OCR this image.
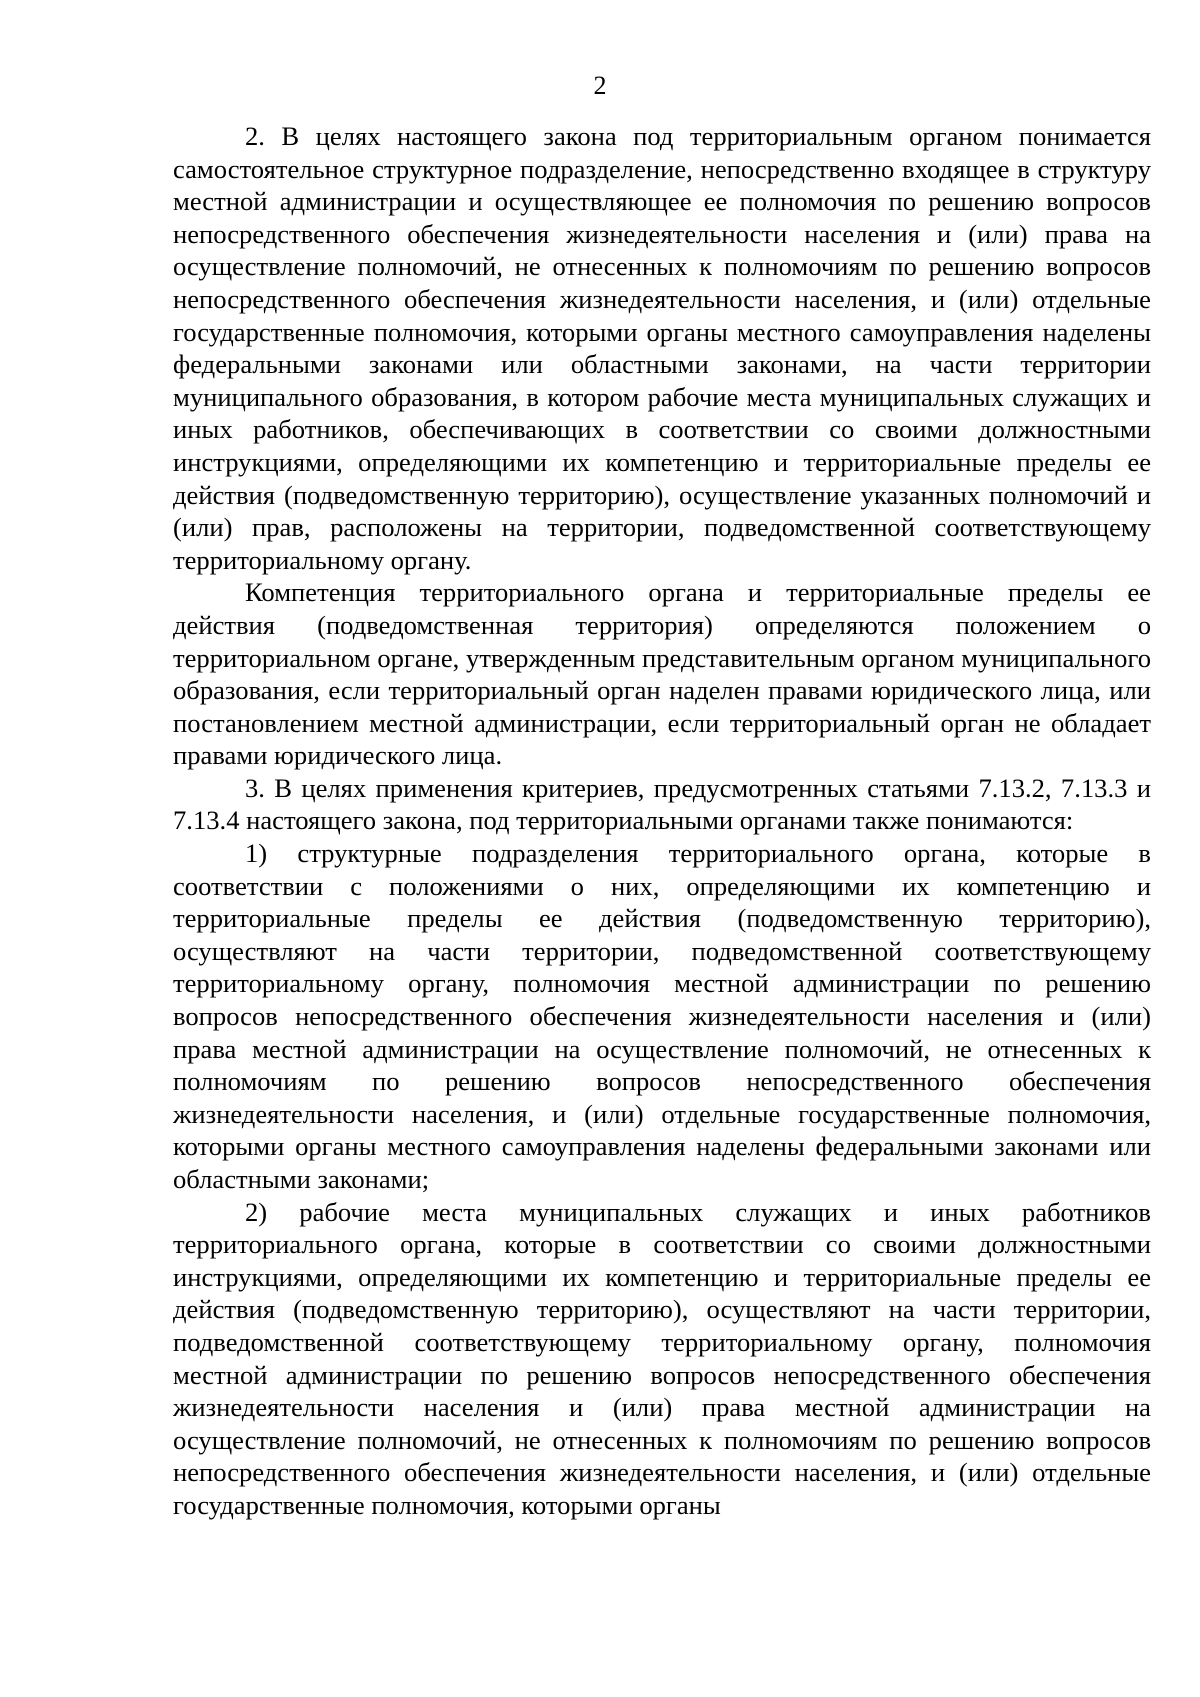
2

2. В целях настоящего закона под территориальным органом понимается самостоятельное структурное подразделение, непосредственно входящее в структуру местной администрации и осуществляющее ее полномочия по решению вопросов непосредственного обеспечения жизнедеятельности населения и (или) права на осуществление полномочий, не отнесенных к полномочиям по решению вопросов непосредственного обеспечения жизнедеятельности населения, и (или) отдельные государственные полномочия, которыми органы местного самоуправления наделены федеральными законами или областными законами, на части территории муниципального образования, в котором рабочие места муниципальных служащих и иных работников, обеспечивающих в соответствии со своими должностными инструкциями, определяющими их компетенцию и территориальные пределы ее действия (подведомственную территорию), осуществление указанных полномочий и (или) прав, расположены на территории, подведомственной соответствующему территориальному органу.

Компетенция территориального органа и территориальные пределы ее действия (подведомственная территория) определяются положением о территориальном органе, утвержденным представительным органом муниципального образования, если территориальный орган наделен правами юридического лица, или постановлением местной администрации, если территориальный орган не обладает правами юридического лица.

3. В целях применения критериев, предусмотренных статьями 7.13.2, 7.13.3 и 7.13.4 настоящего закона, под территориальными органами также понимаются:

1) структурные подразделения территориального органа, которые в соответствии с положениями о них, определяющими их компетенцию и территориальные пределы ее действия (подведомственную территорию), осуществляют на части территории, подведомственной соответствующему территориальному органу, полномочия местной администрации по решению вопросов непосредственного обеспечения жизнедеятельности населения и (или) права местной администрации на осуществление полномочий, не отнесенных к полномочиям по решению вопросов непосредственного обеспечения жизнедеятельности населения, и (или) отдельные государственные полномочия, которыми органы местного самоуправления наделены федеральными законами или областными законами;

2) рабочие места муниципальных служащих и иных работников территориального органа, которые в соответствии со своими должностными инструкциями, определяющими их компетенцию и территориальные пределы ее действия (подведомственную территорию), осуществляют на части территории, подведомственной соответствующему территориальному органу, полномочия местной администрации по решению вопросов непосредственного обеспечения жизнедеятельности населения и (или) права местной администрации на осуществление полномочий, не отнесенных к полномочиям по решению вопросов непосредственного обеспечения жизнедеятельности населения, и (или) отдельные государственные полномочия, которыми органы
